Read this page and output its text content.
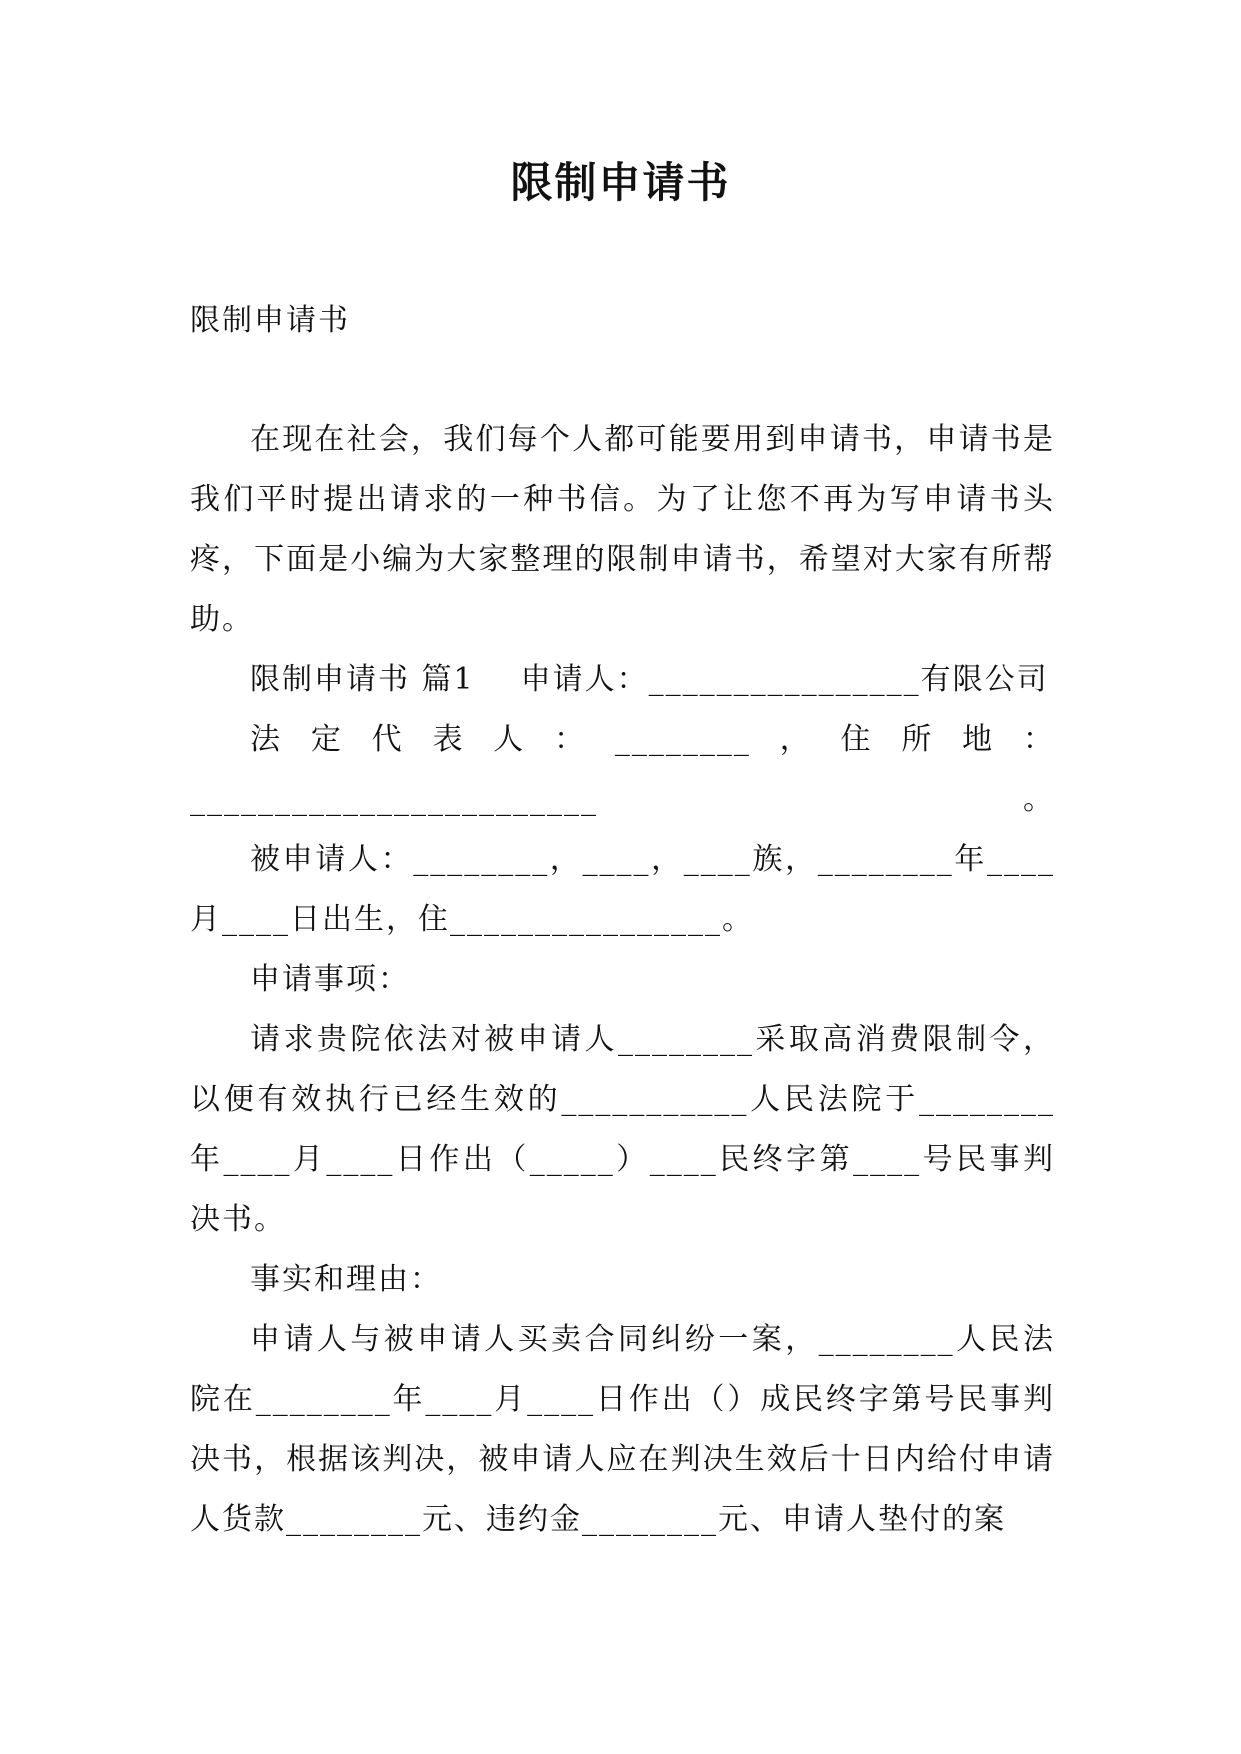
限制申请书
限制申请书

在现在社会，我们每个人都可能要用到申请书，申请书是我们平时提出请求的一种书信。为了让您不再为写申请书头疼，下面是小编为大家整理的限制申请书，希望对大家有所帮助。

限制申请书 篇1 申请人：________________有限公司

法定代表人：________，住所地：________________________。

被申请人：________，____，____族，________年____月____日出生，住________________。

申请事项：

请求贵院依法对被申请人________采取高消费限制令，以便有效执行已经生效的___________人民法院于________年____月____日作出（_____）____民终字第____号民事判决书。

事实和理由：

申请人与被申请人买卖合同纠纷一案，________人民法院在________年____月____日作出（）成民终字第号民事判决书，根据该判决，被申请人应在判决生效后十日内给付申请人货款________元、违约金________元、申请人垫付的案
